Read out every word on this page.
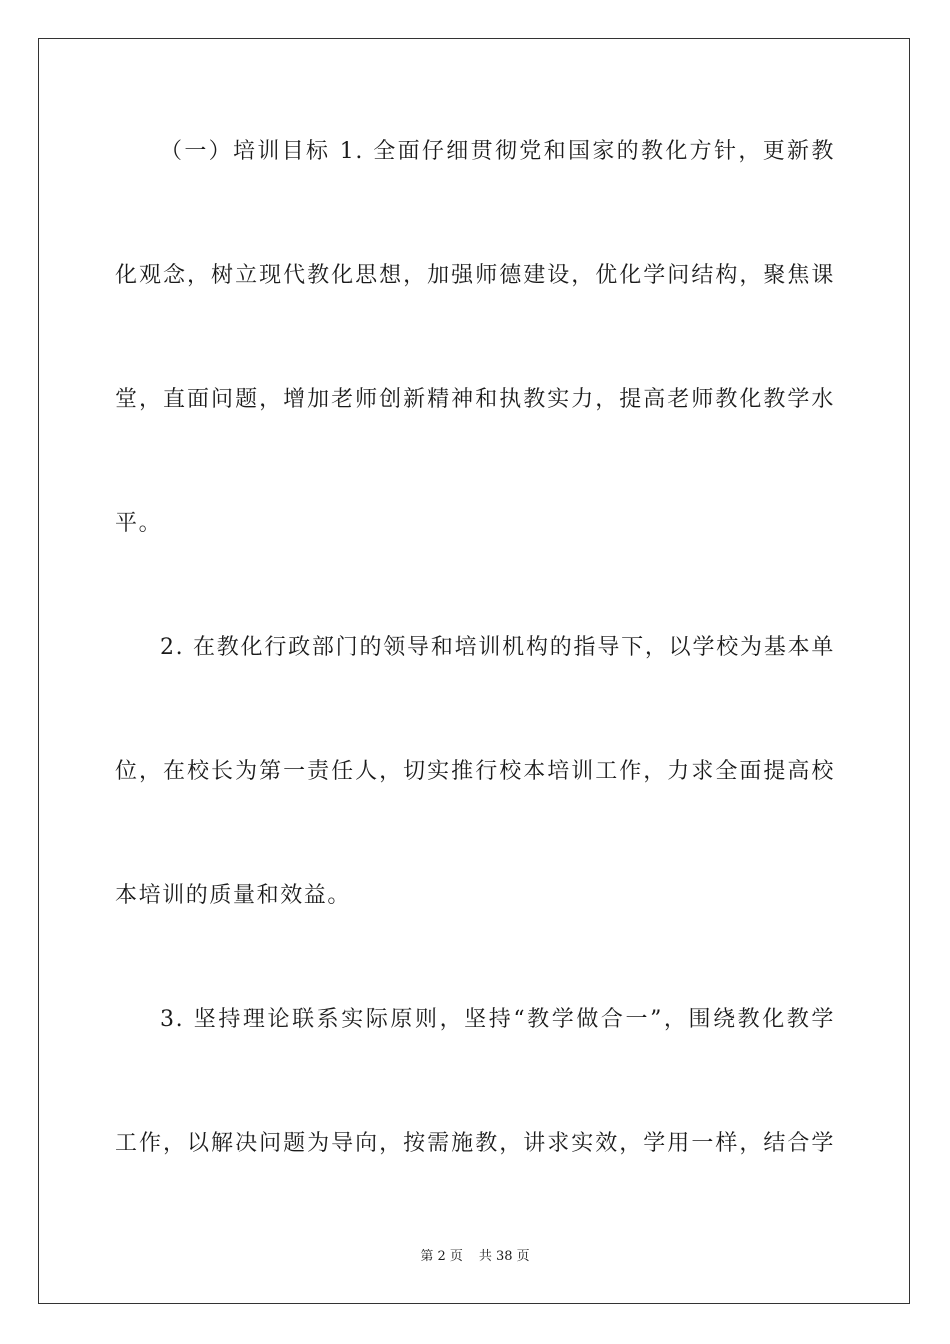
（一）培训目标 1. 全面仔细贯彻党和国家的教化方针，更新教
化观念，树立现代教化思想，加强师德建设，优化学问结构，聚焦课
堂，直面问题，增加老师创新精神和执教实力，提高老师教化教学水
平。
2. 在教化行政部门的领导和培训机构的指导下，以学校为基本单
位，在校长为第一责任人，切实推行校本培训工作，力求全面提高校
本培训的质量和效益。
3. 坚持理论联系实际原则，坚持“教学做合一”，围绕教化教学
工作，以解决问题为导向，按需施教，讲求实效，学用一样，结合学
第 2 页 共 38 页
